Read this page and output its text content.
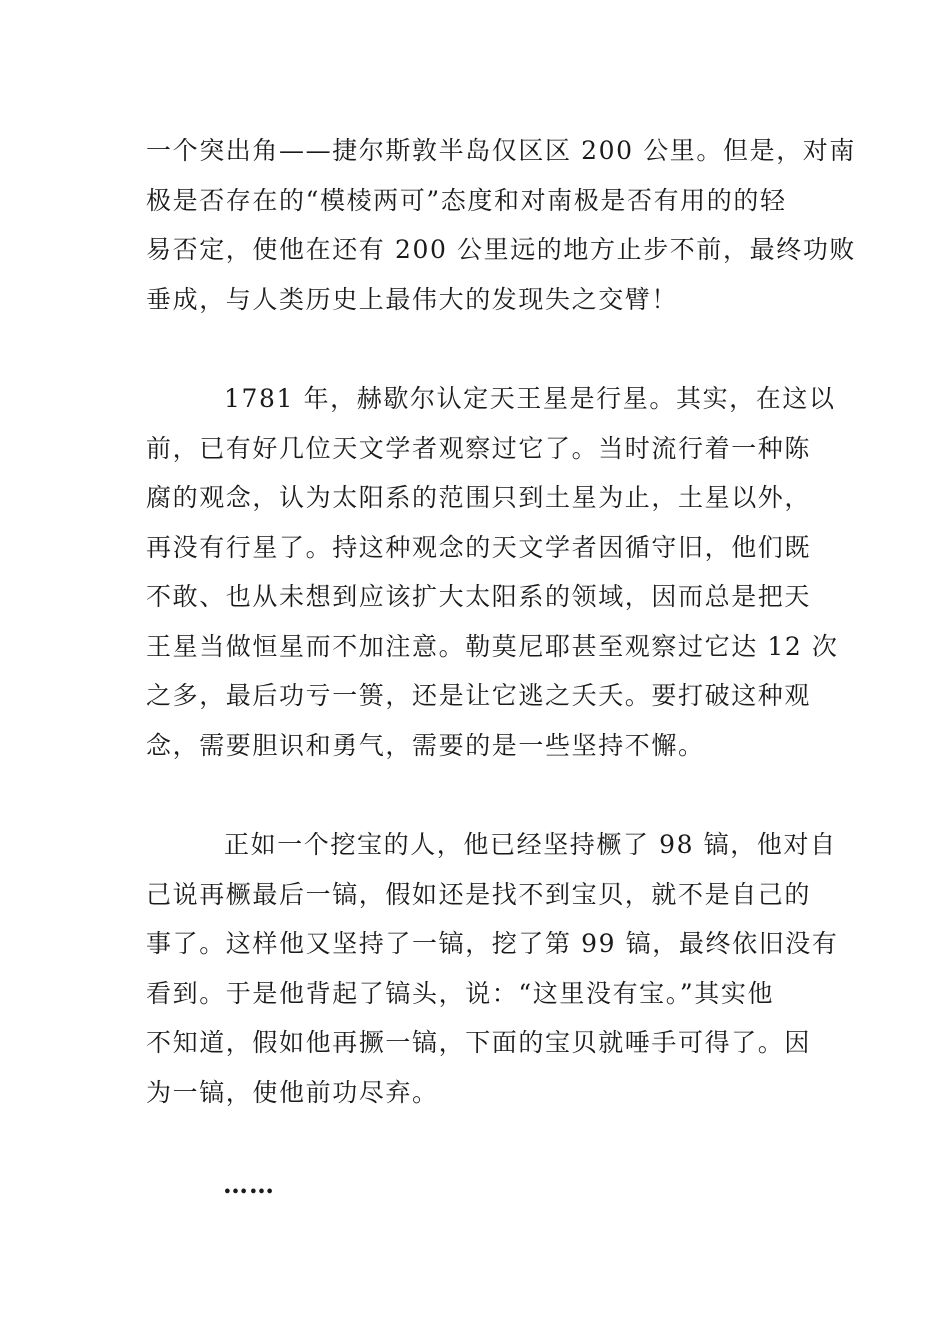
一个突出角——捷尔斯敦半岛仅区区 200 公里。但是，对南
极是否存在的“模棱两可”态度和对南极是否有用的的轻
易否定，使他在还有 200 公里远的地方止步不前，最终功败
垂成，与人类历史上最伟大的发现失之交臂！
1781 年，赫歇尔认定天王星是行星。其实，在这以
前，已有好几位天文学者观察过它了。当时流行着一种陈
腐的观念，认为太阳系的范围只到土星为止，土星以外，
再没有行星了。持这种观念的天文学者因循守旧，他们既
不敢、也从未想到应该扩大太阳系的领域，因而总是把天
王星当做恒星而不加注意。勒莫尼耶甚至观察过它达 12 次
之多，最后功亏一篑，还是让它逃之夭夭。要打破这种观
念，需要胆识和勇气，需要的是一些坚持不懈。
正如一个挖宝的人，他已经坚持橛了 98 镐，他对自
己说再橛最后一镐，假如还是找不到宝贝，就不是自己的
事了。这样他又坚持了一镐，挖了第 99 镐，最终依旧没有
看到。于是他背起了镐头，说：“这里没有宝。”其实他
不知道，假如他再撅一镐，下面的宝贝就唾手可得了。因
为一镐，使他前功尽弃。
……
